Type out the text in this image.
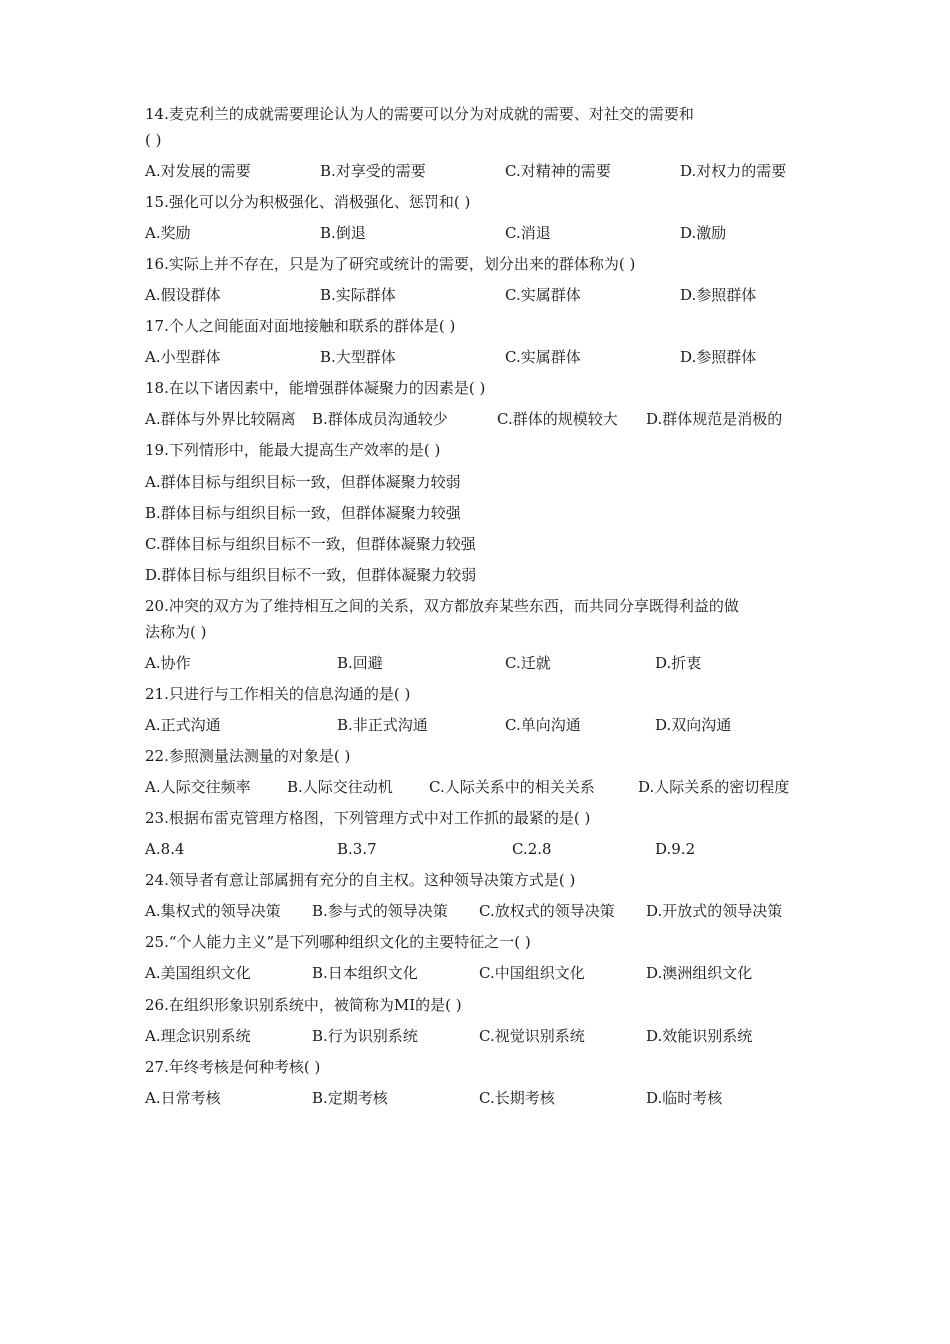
14.麦克利兰的成就需要理论认为人的需要可以分为对成就的需要、对社交的需要和
( )
A.对发展的需要	B.对享受的需要	C.对精神的需要	D.对权力的需要
15.强化可以分为积极强化、消极强化、惩罚和( )
A.奖励	B.倒退	C.消退	D.激励
16.实际上并不存在，只是为了研究或统计的需要，划分出来的群体称为( )
A.假设群体	B.实际群体	C.实属群体	D.参照群体
17.个人之间能面对面地接触和联系的群体是( )
A.小型群体	B.大型群体	C.实属群体	D.参照群体
18.在以下诸因素中，能增强群体凝聚力的因素是( )
A.群体与外界比较隔离 B.群体成员沟通较少	C.群体的规模较大 D.群体规范是消极的
19.下列情形中，能最大提高生产效率的是( )
A.群体目标与组织目标一致，但群体凝聚力较弱
B.群体目标与组织目标一致，但群体凝聚力较强
C.群体目标与组织目标不一致，但群体凝聚力较强
D.群体目标与组织目标不一致，但群体凝聚力较弱
20.冲突的双方为了维持相互之间的关系，双方都放弃某些东西，而共同分享既得利益的做
法称为( )
A.协作	B.回避	C.迁就	D.折衷
21.只进行与工作相关的信息沟通的是( )
A.正式沟通	B.非正式沟通	C.单向沟通	D.双向沟通
22.参照测量法测量的对象是( )
A.人际交往频率 B.人际交往动机 C.人际关系中的相关关系	D.人际关系的密切程度
23.根据布雷克管理方格图，下列管理方式中对工作抓的最紧的是( )
A.8.4	B.3.7	C.2.8	D.9.2
24.领导者有意让部属拥有充分的自主权。这种领导决策方式是( )
A.集权式的领导决策 B.参与式的领导决策 C.放权式的领导决策 D.开放式的领导决策
25.“个人能力主义”是下列哪种组织文化的主要特征之一( )
A.美国组织文化	B.日本组织文化	C.中国组织文化	D.澳洲组织文化
26.在组织形象识别系统中，被简称为MI的是( )
A.理念识别系统	B.行为识别系统	C.视觉识别系统	D.效能识别系统
27.年终考核是何种考核( )
A.日常考核	B.定期考核	C.长期考核	D.临时考核
